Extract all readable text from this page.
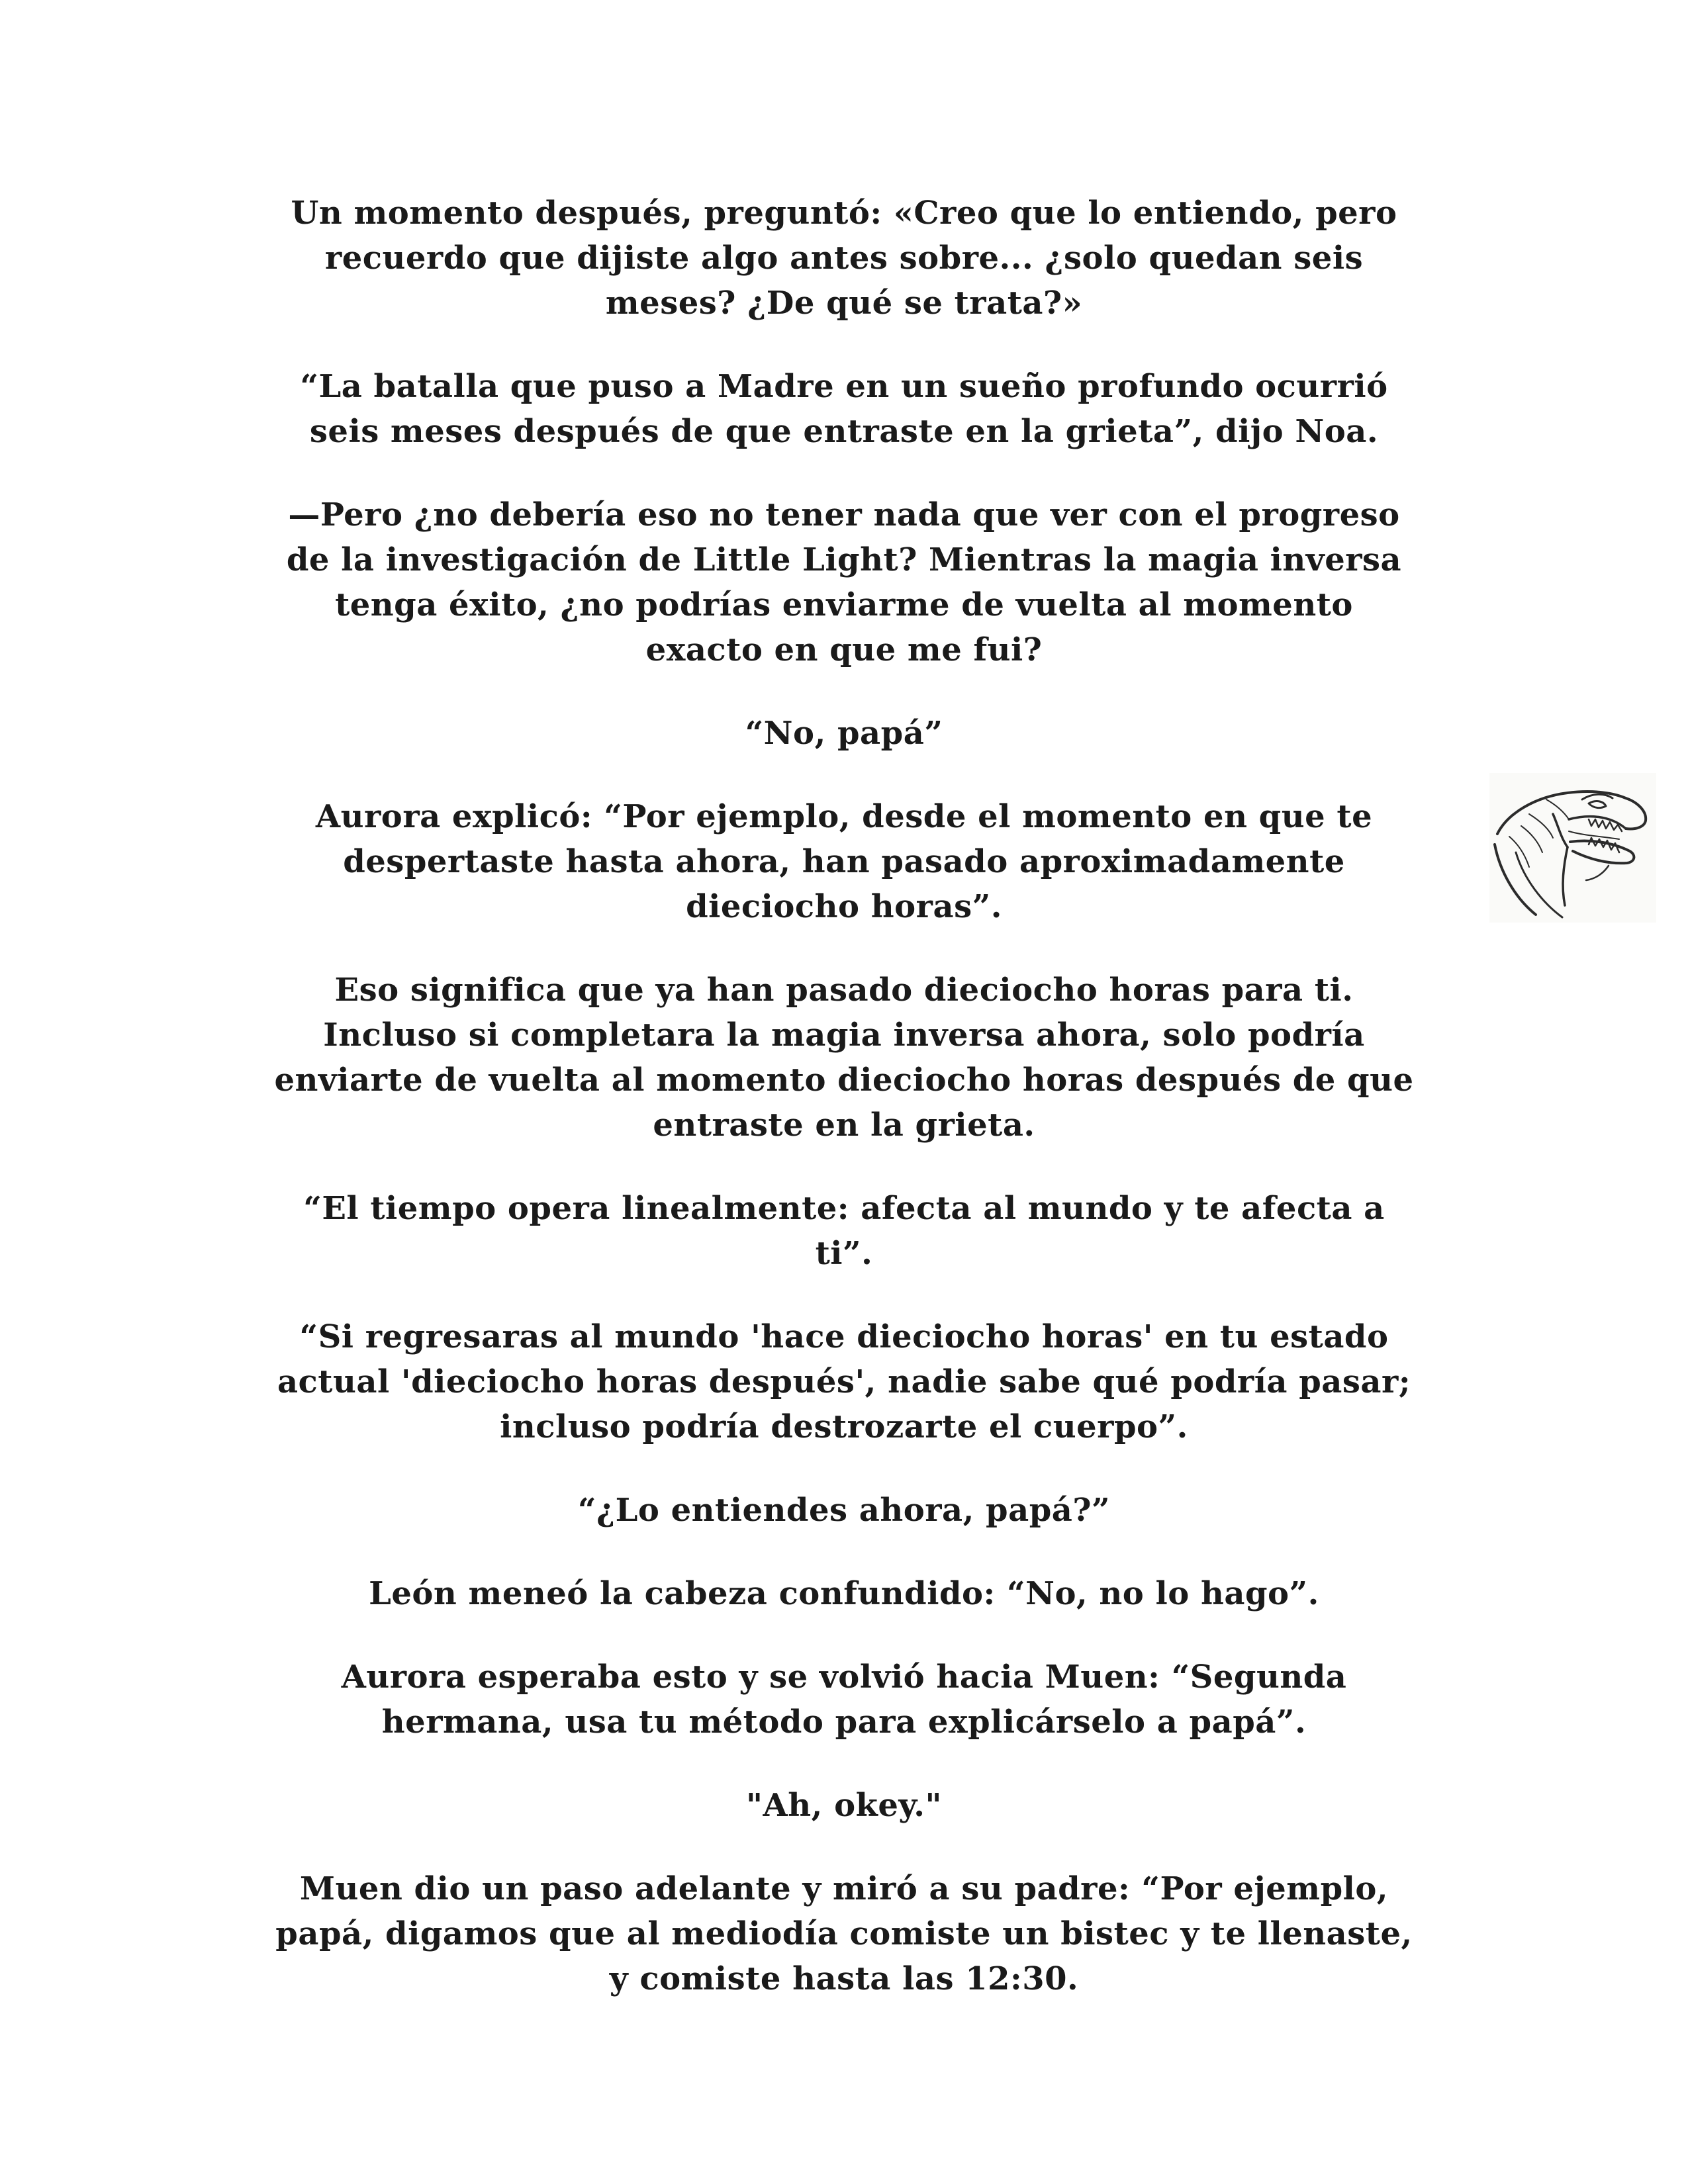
Un momento después, preguntó: «Creo que lo entiendo, pero
recuerdo que dijiste algo antes sobre... ¿solo quedan seis
meses? ¿De qué se trata?»

“La batalla que puso a Madre en un sueño profundo ocurrió
seis meses después de que entraste en la grieta”, dijo Noa.

—Pero ¿no debería eso no tener nada que ver con el progreso
de la investigación de Little Light? Mientras la magia inversa
tenga éxito, ¿no podrías enviarme de vuelta al momento
exacto en que me fui?

“No, papá”

Aurora explicó: “Por ejemplo, desde el momento en que te
despertaste hasta ahora, han pasado aproximadamente
dieciocho horas”.

Eso significa que ya han pasado dieciocho horas para ti.
Incluso si completara la magia inversa ahora, solo podría
enviarte de vuelta al momento dieciocho horas después de que
entraste en la grieta.

“El tiempo opera linealmente: afecta al mundo y te afecta a
ti”.

“Si regresaras al mundo 'hace dieciocho horas' en tu estado
actual 'dieciocho horas después', nadie sabe qué podría pasar;
incluso podría destrozarte el cuerpo”.

“¿Lo entiendes ahora, papá?”

León meneó la cabeza confundido: “No, no lo hago”.

Aurora esperaba esto y se volvió hacia Muen: “Segunda
hermana, usa tu método para explicárselo a papá”.

"Ah, okey."

Muen dio un paso adelante y miró a su padre: “Por ejemplo,
papá, digamos que al mediodía comiste un bistec y te llenaste,
y comiste hasta las 12:30.
